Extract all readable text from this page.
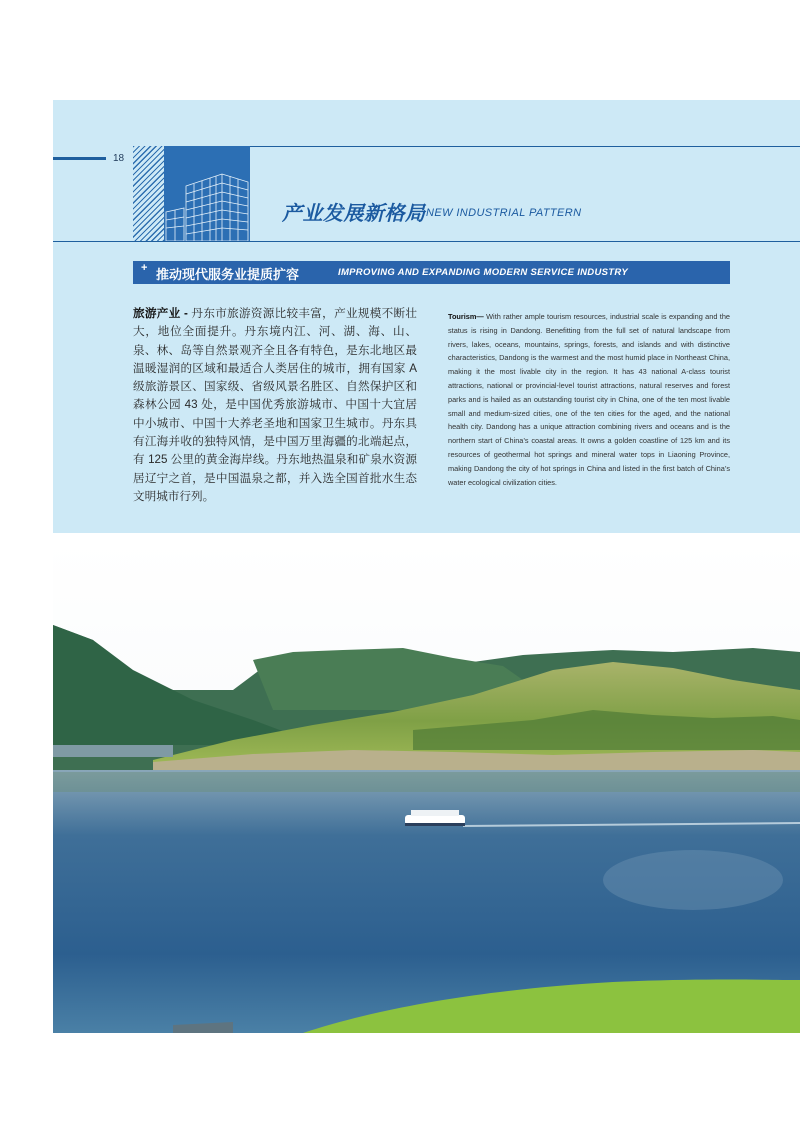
18
产业发展新格局 NEW INDUSTRIAL PATTERN
+ 推动现代服务业提质扩容	IMPROVING AND EXPANDING MODERN SERVICE INDUSTRY
旅游产业 - 丹东市旅游资源比较丰富，产业规模不断壮大，地位全面提升。丹东境内江、河、湖、海、山、泉、林、岛等自然景观齐全且各有特色，是东北地区最温暖湿润的区域和最适合人类居住的城市，拥有国家 A 级旅游景区、国家级、省级风景名胜区、自然保护区和森林公园 43 处，是中国优秀旅游城市、中国十大宜居中小城市、中国十大养老圣地和国家卫生城市。丹东具有江海并收的独特风情，是中国万里海疆的北端起点，有 125 公里的黄金海岸线。丹东地热温泉和矿泉水资源居辽宁之首，是中国温泉之都，并入选全国首批水生态文明城市行列。
Tourism— With rather ample tourism resources, industrial scale is expanding and the status is rising in Dandong. Benefitting from the full set of natural landscape from rivers, lakes, oceans, mountains, springs, forests, and islands and with distinctive characteristics, Dandong is the warmest and the most humid place in Northeast China, making it the most livable city in the region. It has 43 national A-class tourist attractions, national or provincial-level tourist attractions, natural reserves and forest parks and is hailed as an outstanding tourist city in China, one of the ten most livable small and medium-sized cities, one of the ten cities for the aged, and the national health city. Dandong has a unique attraction combining rivers and oceans and is the northern start of China’s coastal areas. It owns a golden coastline of 125 km and its resources of geothermal hot springs and mineral water tops in Liaoning Province, making Dandong the city of hot springs in China and listed in the first batch of China’s water ecological civilization cities.
